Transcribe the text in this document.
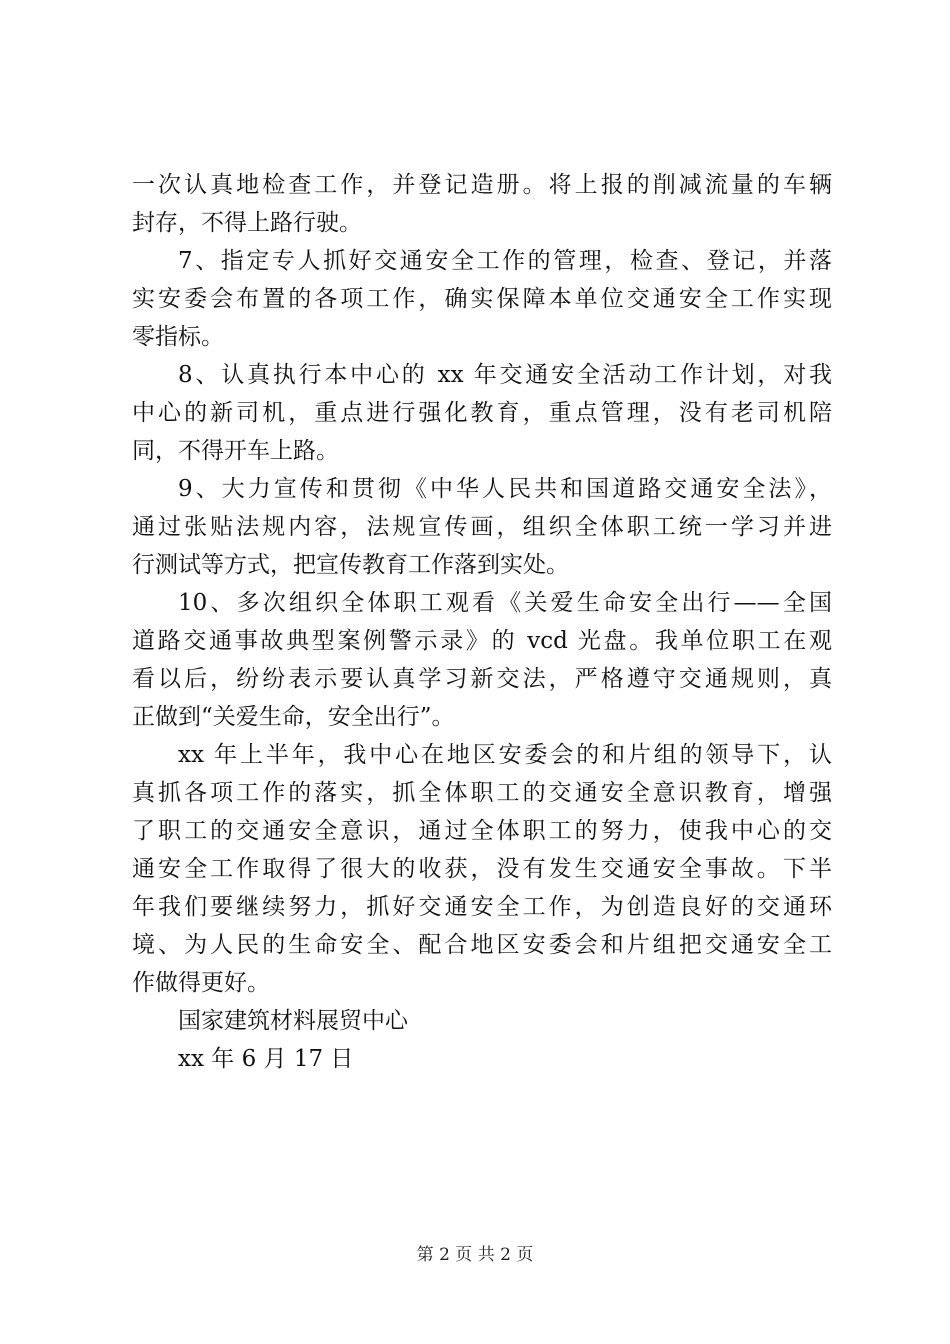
一次认真地检查工作，并登记造册。将上报的削减流量的车辆
封存，不得上路行驶。
7、指定专人抓好交通安全工作的管理，检查、登记，并落
实安委会布置的各项工作，确实保障本单位交通安全工作实现
零指标。
8、认真执行本中心的 xx 年交通安全活动工作计划，对我
中心的新司机，重点进行强化教育，重点管理，没有老司机陪
同，不得开车上路。
9、大力宣传和贯彻《中华人民共和国道路交通安全法》，
通过张贴法规内容，法规宣传画，组织全体职工统一学习并进
行测试等方式，把宣传教育工作落到实处。
10、多次组织全体职工观看《关爱生命安全出行——全国
道路交通事故典型案例警示录》的 vcd 光盘。我单位职工在观
看以后，纷纷表示要认真学习新交法，严格遵守交通规则，真
正做到“关爱生命，安全出行”。
xx 年上半年，我中心在地区安委会的和片组的领导下，认
真抓各项工作的落实，抓全体职工的交通安全意识教育，增强
了职工的交通安全意识，通过全体职工的努力，使我中心的交
通安全工作取得了很大的收获，没有发生交通安全事故。下半
年我们要继续努力，抓好交通安全工作，为创造良好的交通环
境、为人民的生命安全、配合地区安委会和片组把交通安全工
作做得更好。
国家建筑材料展贸中心
xx 年 6 月 17 日
第 2 页 共 2 页
